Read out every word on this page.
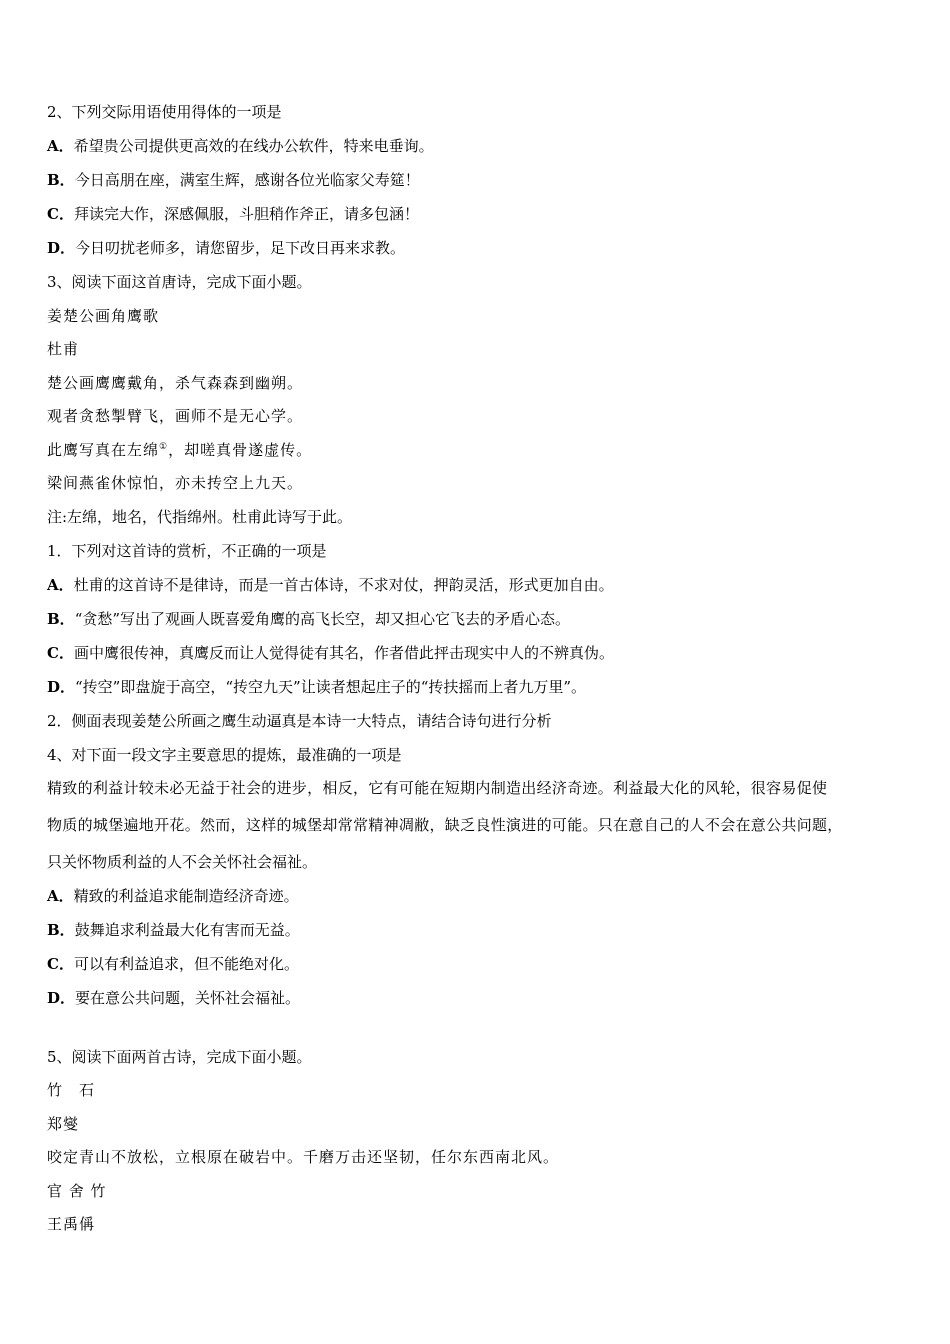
2、下列交际用语使用得体的一项是
A．希望贵公司提供更高效的在线办公软件，特来电垂询。
B．今日高朋在座，满室生辉，感谢各位光临家父寿筵！
C．拜读完大作，深感佩服，斗胆稍作斧正，请多包涵！
D．今日叨扰老师多，请您留步，足下改日再来求教。
3、阅读下面这首唐诗，完成下面小题。
姜楚公画角鹰歌
杜甫
楚公画鹰鹰戴角，杀气森森到幽朔。
观者贪愁掣臂飞，画师不是无心学。
此鹰写真在左绵①，却嗟真骨遂虚传。
梁间燕雀休惊怕，亦未抟空上九天。
注:左绵，地名，代指绵州。杜甫此诗写于此。
1．下列对这首诗的赏析，不正确的一项是
A．杜甫的这首诗不是律诗，而是一首古体诗，不求对仗，押韵灵活，形式更加自由。
B．“贪愁”写出了观画人既喜爱角鹰的高飞长空，却又担心它飞去的矛盾心态。
C．画中鹰很传神，真鹰反而让人觉得徒有其名，作者借此抨击现实中人的不辨真伪。
D．“抟空”即盘旋于高空，“抟空九天”让读者想起庄子的“抟扶摇而上者九万里”。
2．侧面表现姜楚公所画之鹰生动逼真是本诗一大特点，请结合诗句进行分析
4、对下面一段文字主要意思的提炼，最准确的一项是
精致的利益计较未必无益于社会的进步，相反，它有可能在短期内制造出经济奇迹。利益最大化的风轮，很容易促使
物质的城堡遍地开花。然而，这样的城堡却常常精神凋敝，缺乏良性演进的可能。只在意自己的人不会在意公共问题，
只关怀物质利益的人不会关怀社会福祉。
A．精致的利益追求能制造经济奇迹。
B．鼓舞追求利益最大化有害而无益。
C．可以有利益追求，但不能绝对化。
D．要在意公共问题，关怀社会福祉。
5、阅读下面两首古诗，完成下面小题。
竹　石
郑燮
咬定青山不放松，立根原在破岩中。千磨万击还坚韧，任尔东西南北风。
官 舍 竹
王禹偁
